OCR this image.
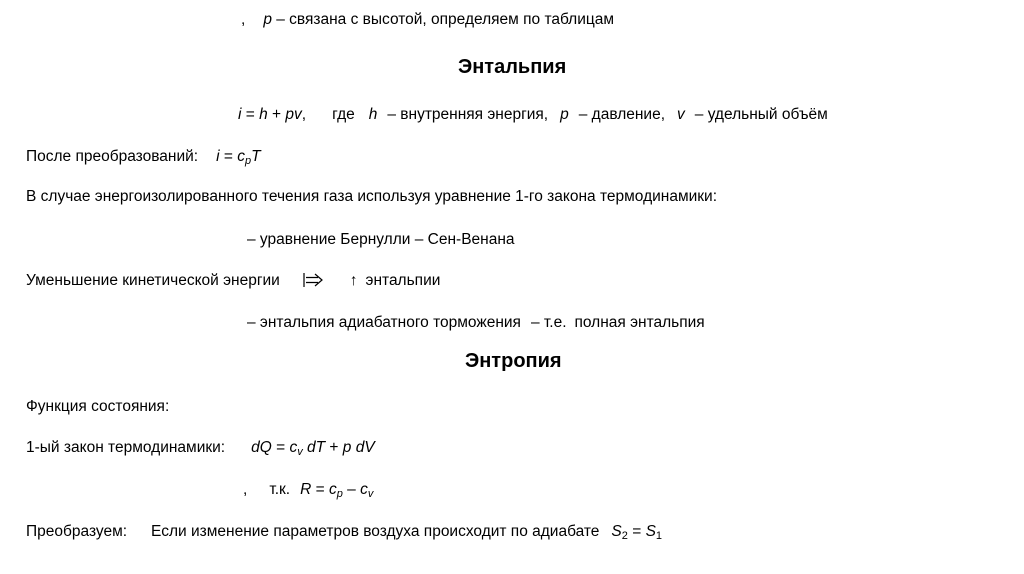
, p – связана с высотой, определяем по таблицам
Энтальпия
i = h + pv, где h – внутренняя энергия, p – давление, v – удельный объём
После преобразований: $i = c_pT$
В случае энергоизолированного течения газа используя уравнение 1-го закона термодинамики:
– уравнение Бернулли – Сен-Венана
Уменьшение кинетической энергии	↑ энтальпии
– энтальпия адиабатного торможения – т.е. полная энтальпия
Энтропия
Функция состояния:
1-ый закон термодинамики: dQ = $c_v$ dT + p dV
, т.к. $R = c_p - c_v$
Преобразуем: Если изменение параметров воздуха происходит по адиабате $S_2 = S_1$
